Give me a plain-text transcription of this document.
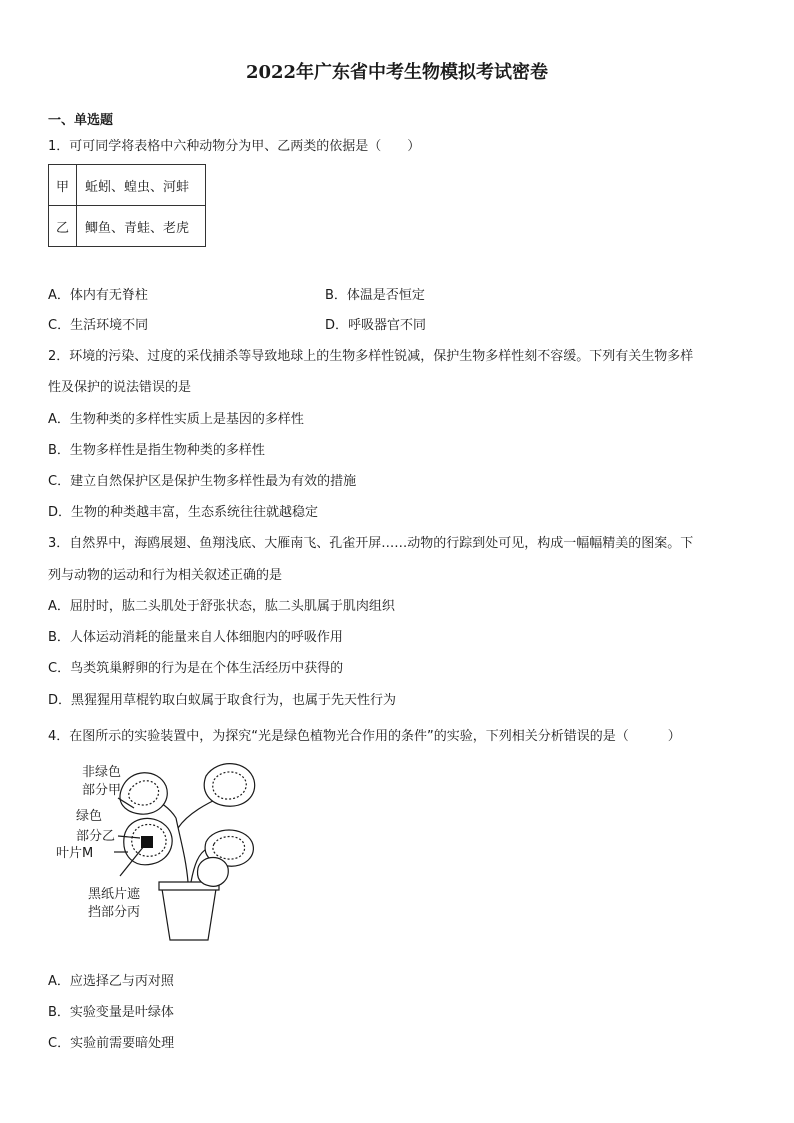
2022年广东省中考生物模拟考试密卷
一、单选题
1．可可同学将表格中六种动物分为甲、乙两类的依据是（　　）
甲	蚯蚓、蝗虫、河蚌
乙	鲫鱼、青蛙、老虎
A．体内有无脊柱	B．体温是否恒定
C．生活环境不同	D．呼吸器官不同
2．环境的污染、过度的采伐捕杀等导致地球上的生物多样性锐减，保护生物多样性刻不容缓。下列有关生物多样
性及保护的说法错误的是
A．生物种类的多样性实质上是基因的多样性
B．生物多样性是指生物种类的多样性
C．建立自然保护区是保护生物多样性最为有效的措施
D．生物的种类越丰富，生态系统往往就越稳定
3．自然界中，海鸥展翅、鱼翔浅底、大雁南飞、孔雀开屏……动物的行踪到处可见，构成一幅幅精美的图案。下
列与动物的运动和行为相关叙述正确的是
A．屈肘时，肱二头肌处于舒张状态，肱二头肌属于肌肉组织
B．人体运动消耗的能量来自人体细胞内的呼吸作用
C．鸟类筑巢孵卵的行为是在个体生活经历中获得的
D．黑猩猩用草棍钓取白蚁属于取食行为，也属于先天性行为
4．在图所示的实验装置中，为探究“光是绿色植物光合作用的条件”的实验，下列相关分析错误的是（　　　）
非绿色
部分甲
绿色
部分乙
叶片M
黑纸片遮
挡部分丙
A．应选择乙与丙对照
B．实验变量是叶绿体
C．实验前需要暗处理
